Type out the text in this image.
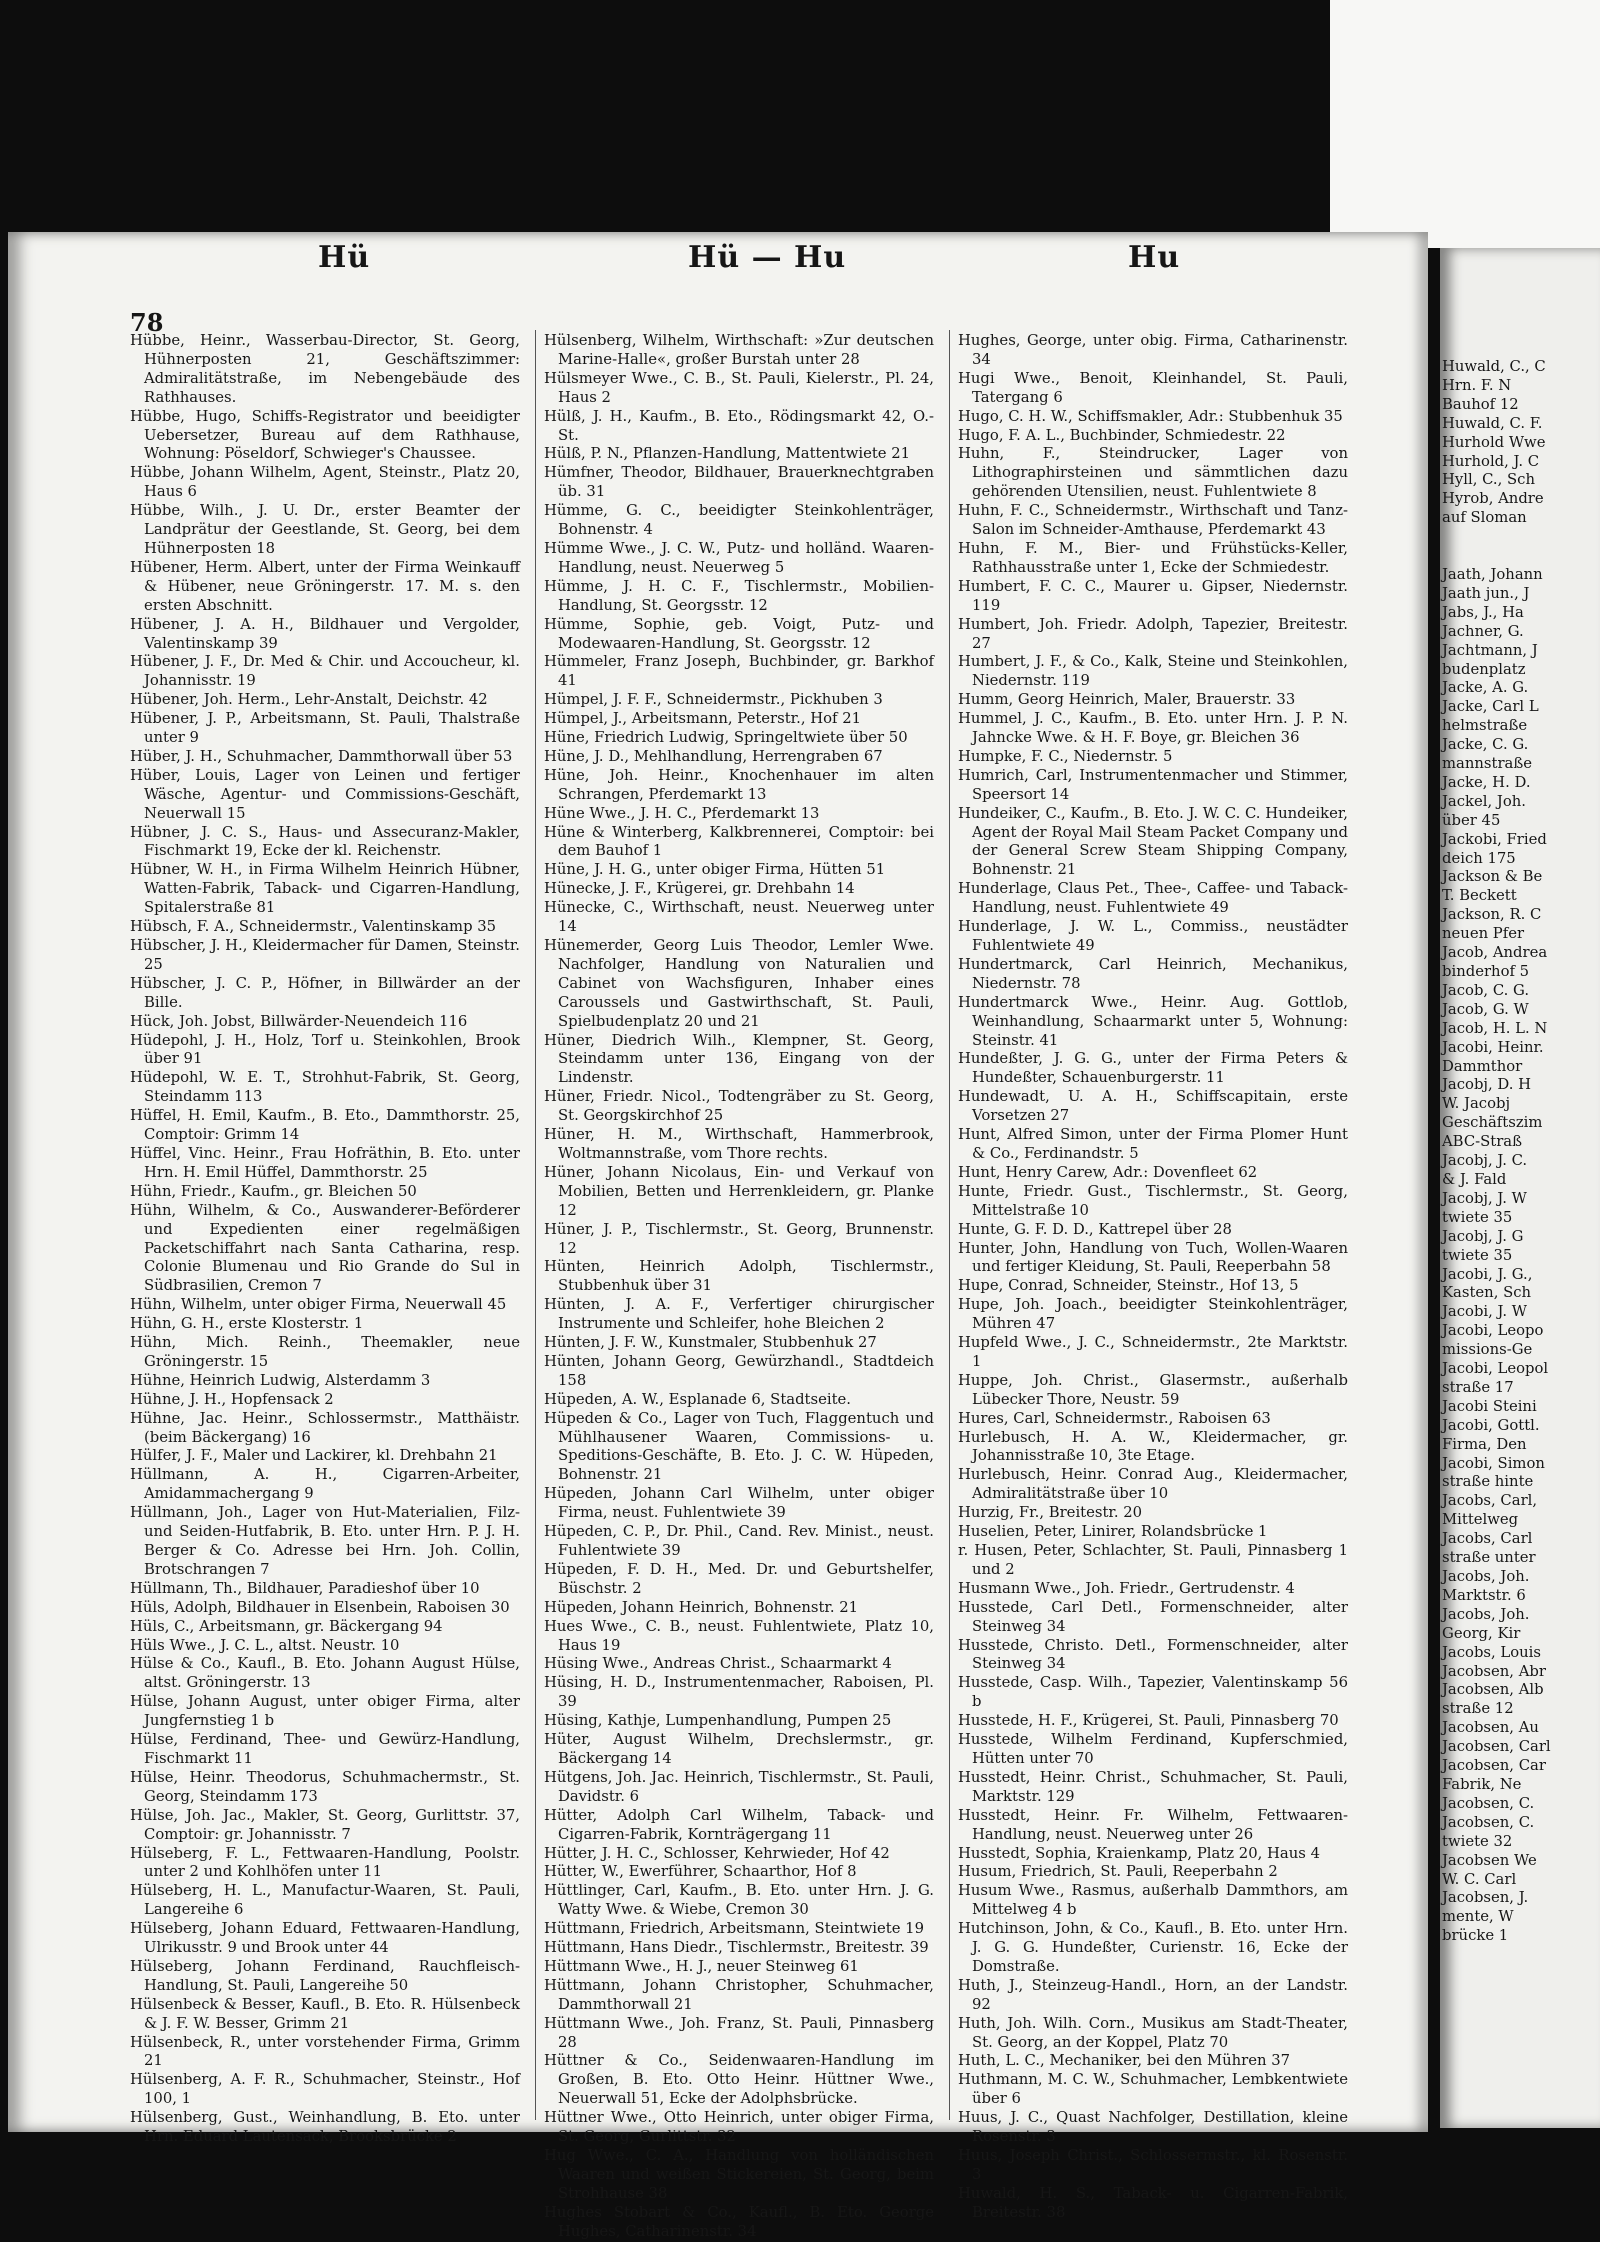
78
Hü	Hü — Hu	Hu

Hübbe, Heinr., Wasserbau-Director, St. Georg, Hühnerposten 21, Geschäftszimmer: Admiralitätstraße, im Nebengebäude des Rathhauses.

Hübbe, Hugo, Schiffs-Registrator und beeidigter Uebersetzer, Bureau auf dem Rathhause, Wohnung: Pöseldorf, Schwieger's Chaussee.

Hübbe, Johann Wilhelm, Agent, Steinstr., Platz 20, Haus 6

Hübbe, Wilh., J. U. Dr., erster Beamter der Landprätur der Geestlande, St. Georg, bei dem Hühnerposten 18

Hübener, Herm. Albert, unter der Firma Weinkauff & Hübener, neue Gröningerstr. 17. M. s. den ersten Abschnitt.

Hübener, J. A. H., Bildhauer und Vergolder, Valentinskamp 39

Hübener, J. F., Dr. Med & Chir. und Accoucheur, kl. Johannisstr. 19

Hübener, Joh. Herm., Lehr-Anstalt, Deichstr. 42

Hübener, J. P., Arbeitsmann, St. Pauli, Thalstraße unter 9

Hüber, J. H., Schuhmacher, Dammthorwall über 53

Hüber, Louis, Lager von Leinen und fertiger Wäsche, Agentur- und Commissions-Geschäft, Neuerwall 15

Hübner, J. C. S., Haus- und Assecuranz-Makler, Fischmarkt 19, Ecke der kl. Reichenstr.

Hübner, W. H., in Firma Wilhelm Heinrich Hübner, Watten-Fabrik, Taback- und Cigarren-Handlung, Spitalerstraße 81

Hübsch, F. A., Schneidermstr., Valentinskamp 35

Hübscher, J. H., Kleidermacher für Damen, Steinstr. 25

Hübscher, J. C. P., Höfner, in Billwärder an der Bille.

Hück, Joh. Jobst, Billwärder-Neuendeich 116

Hüdepohl, J. H., Holz, Torf u. Steinkohlen, Brook über 91

Hüdepohl, W. E. T., Strohhut-Fabrik, St. Georg, Steindamm 113

Hüffel, H. Emil, Kaufm., B. Eto., Dammthorstr. 25, Comptoir: Grimm 14

Hüffel, Vinc. Heinr., Frau Hofräthin, B. Eto. unter Hrn. H. Emil Hüffel, Dammthorstr. 25

Hühn, Friedr., Kaufm., gr. Bleichen 50

Hühn, Wilhelm, & Co., Auswanderer-Beförderer und Expedienten einer regelmäßigen Packetschiffahrt nach Santa Catharina, resp. Colonie Blumenau und Rio Grande do Sul in Südbrasilien, Cremon 7

Hühn, Wilhelm, unter obiger Firma, Neuerwall 45

Hühn, G. H., erste Klosterstr. 1

Hühn, Mich. Reinh., Theemakler, neue Gröningerstr. 15

Hühne, Heinrich Ludwig, Alsterdamm 3

Hühne, J. H., Hopfensack 2

Hühne, Jac. Heinr., Schlossermstr., Matthäistr. (beim Bäckergang) 16

Hülfer, J. F., Maler und Lackirer, kl. Drehbahn 21

Hüllmann, A. H., Cigarren-Arbeiter, Amidammachergang 9

Hüllmann, Joh., Lager von Hut-Materialien, Filz- und Seiden-Hutfabrik, B. Eto. unter Hrn. P. J. H. Berger & Co. Adresse bei Hrn. Joh. Collin, Brotschrangen 7

Hüllmann, Th., Bildhauer, Paradieshof über 10

Hüls, Adolph, Bildhauer in Elsenbein, Raboisen 30

Hüls, C., Arbeitsmann, gr. Bäckergang 94

Hüls Wwe., J. C. L., altst. Neustr. 10

Hülse & Co., Kaufl., B. Eto. Johann August Hülse, altst. Gröningerstr. 13

Hülse, Johann August, unter obiger Firma, alter Jungfernstieg 1 b

Hülse, Ferdinand, Thee- und Gewürz-Handlung, Fischmarkt 11

Hülse, Heinr. Theodorus, Schuhmachermstr., St. Georg, Steindamm 173

Hülse, Joh. Jac., Makler, St. Georg, Gurlittstr. 37, Comptoir: gr. Johannisstr. 7

Hülseberg, F. L., Fettwaaren-Handlung, Poolstr. unter 2 und Kohlhöfen unter 11

Hülseberg, H. L., Manufactur-Waaren, St. Pauli, Langereihe 6

Hülseberg, Johann Eduard, Fettwaaren-Handlung, Ulrikusstr. 9 und Brook unter 44

Hülseberg, Johann Ferdinand, Rauchfleisch-Handlung, St. Pauli, Langereihe 50

Hülsenbeck & Besser, Kaufl., B. Eto. R. Hülsenbeck & J. F. W. Besser, Grimm 21

Hülsenbeck, R., unter vorstehender Firma, Grimm 21

Hülsenberg, A. F. R., Schuhmacher, Steinstr., Hof 100, 1

Hülsenberg, Gust., Weinhandlung, B. Eto. unter Hrn. Eduard Lautensack, Brooksbrücke 2

Hülsenberg, Wilhelm, Wirthschaft: »Zur deutschen Marine-Halle«, großer Burstah unter 28

Hülsmeyer Wwe., C. B., St. Pauli, Kielerstr., Pl. 24, Haus 2

Hülß, J. H., Kaufm., B. Eto., Rödingsmarkt 42, O.-St.

Hülß, P. N., Pflanzen-Handlung, Mattentwiete 21

Hümfner, Theodor, Bildhauer, Brauerknechtgraben üb. 31

Hümme, G. C., beeidigter Steinkohlenträger, Bohnenstr. 4

Hümme Wwe., J. C. W., Putz- und holländ. Waaren-Handlung, neust. Neuerweg 5

Hümme, J. H. C. F., Tischlermstr., Mobilien-Handlung, St. Georgsstr. 12

Hümme, Sophie, geb. Voigt, Putz- und Modewaaren-Handlung, St. Georgsstr. 12

Hümmeler, Franz Joseph, Buchbinder, gr. Barkhof 41

Hümpel, J. F. F., Schneidermstr., Pickhuben 3

Hümpel, J., Arbeitsmann, Peterstr., Hof 21

Hüne, Friedrich Ludwig, Springeltwiete über 50

Hüne, J. D., Mehlhandlung, Herrengraben 67

Hüne, Joh. Heinr., Knochenhauer im alten Schrangen, Pferdemarkt 13

Hüne Wwe., J. H. C., Pferdemarkt 13

Hüne & Winterberg, Kalkbrennerei, Comptoir: bei dem Bauhof 1

Hüne, J. H. G., unter obiger Firma, Hütten 51

Hünecke, J. F., Krügerei, gr. Drehbahn 14

Hünecke, C., Wirthschaft, neust. Neuerweg unter 14

Hünemerder, Georg Luis Theodor, Lemler Wwe. Nachfolger, Handlung von Naturalien und Cabinet von Wachsfiguren, Inhaber eines Caroussels und Gastwirthschaft, St. Pauli, Spielbudenplatz 20 und 21

Hüner, Diedrich Wilh., Klempner, St. Georg, Steindamm unter 136, Eingang von der Lindenstr.

Hüner, Friedr. Nicol., Todtengräber zu St. Georg, St. Georgskirchhof 25

Hüner, H. M., Wirthschaft, Hammerbrook, Woltmannstraße, vom Thore rechts.

Hüner, Johann Nicolaus, Ein- und Verkauf von Mobilien, Betten und Herrenkleidern, gr. Planke 12

Hüner, J. P., Tischlermstr., St. Georg, Brunnenstr. 12

Hünten, Heinrich Adolph, Tischlermstr., Stubbenhuk über 31

Hünten, J. A. F., Verfertiger chirurgischer Instrumente und Schleifer, hohe Bleichen 2

Hünten, J. F. W., Kunstmaler, Stubbenhuk 27

Hünten, Johann Georg, Gewürzhandl., Stadtdeich 158

Hüpeden, A. W., Esplanade 6, Stadtseite.

Hüpeden & Co., Lager von Tuch, Flaggentuch und Mühlhausener Waaren, Commissions- u. Speditions-Geschäfte, B. Eto. J. C. W. Hüpeden, Bohnenstr. 21

Hüpeden, Johann Carl Wilhelm, unter obiger Firma, neust. Fuhlentwiete 39

Hüpeden, C. P., Dr. Phil., Cand. Rev. Minist., neust. Fuhlentwiete 39

Hüpeden, F. D. H., Med. Dr. und Geburtshelfer, Büschstr. 2

Hüpeden, Johann Heinrich, Bohnenstr. 21

Hues Wwe., C. B., neust. Fuhlentwiete, Platz 10, Haus 19

Hüsing Wwe., Andreas Christ., Schaarmarkt 4

Hüsing, H. D., Instrumentenmacher, Raboisen, Pl. 39

Hüsing, Kathje, Lumpenhandlung, Pumpen 25

Hüter, August Wilhelm, Drechslermstr., gr. Bäckergang 14

Hütgens, Joh. Jac. Heinrich, Tischlermstr., St. Pauli, Davidstr. 6

Hütter, Adolph Carl Wilhelm, Taback- und Cigarren-Fabrik, Kornträgergang 11

Hütter, J. H. C., Schlosser, Kehrwieder, Hof 42

Hütter, W., Ewerführer, Schaarthor, Hof 8

Hüttlinger, Carl, Kaufm., B. Eto. unter Hrn. J. G. Watty Wwe. & Wiebe, Cremon 30

Hüttmann, Friedrich, Arbeitsmann, Steintwiete 19

Hüttmann, Hans Diedr., Tischlermstr., Breitestr. 39

Hüttmann Wwe., H. J., neuer Steinweg 61

Hüttmann, Johann Christopher, Schuhmacher, Dammthorwall 21

Hüttmann Wwe., Joh. Franz, St. Pauli, Pinnasberg 28

Hüttner & Co., Seidenwaaren-Handlung im Großen, B. Eto. Otto Heinr. Hüttner Wwe., Neuerwall 51, Ecke der Adolphsbrücke.

Hüttner Wwe., Otto Heinrich, unter obiger Firma, St. Georg, Gurlittstr. 32

Hug Wwe., C. A., Handlung von holländischen Waaren und weißen Stickereien, St. Georg, beim Strohhause 38

Hughes Stobart & Co., Kaufl., B. Eto. George Hughes, Catharinenstr. 34

Hughes, George, unter obig. Firma, Catharinenstr. 34

Hugi Wwe., Benoit, Kleinhandel, St. Pauli, Tatergang 6

Hugo, C. H. W., Schiffsmakler, Adr.: Stubbenhuk 35

Hugo, F. A. L., Buchbinder, Schmiedestr. 22

Huhn, F., Steindrucker, Lager von Lithographirsteinen und sämmtlichen dazu gehörenden Utensilien, neust. Fuhlentwiete 8

Huhn, F. C., Schneidermstr., Wirthschaft und Tanz-Salon im Schneider-Amthause, Pferdemarkt 43

Huhn, F. M., Bier- und Frühstücks-Keller, Rathhausstraße unter 1, Ecke der Schmiedestr.

Humbert, F. C. C., Maurer u. Gipser, Niedernstr. 119

Humbert, Joh. Friedr. Adolph, Tapezier, Breitestr. 27

Humbert, J. F., & Co., Kalk, Steine und Steinkohlen, Niedernstr. 119

Humm, Georg Heinrich, Maler, Brauerstr. 33

Hummel, J. C., Kaufm., B. Eto. unter Hrn. J. P. N. Jahncke Wwe. & H. F. Boye, gr. Bleichen 36

Humpke, F. C., Niedernstr. 5

Humrich, Carl, Instrumentenmacher und Stimmer, Speersort 14

Hundeiker, C., Kaufm., B. Eto. J. W. C. C. Hundeiker, Agent der Royal Mail Steam Packet Company und der General Screw Steam Shipping Company, Bohnenstr. 21

Hunderlage, Claus Pet., Thee-, Caffee- und Taback-Handlung, neust. Fuhlentwiete 49

Hunderlage, J. W. L., Commiss., neustädter Fuhlentwiete 49

Hundertmarck, Carl Heinrich, Mechanikus, Niedernstr. 78

Hundertmarck Wwe., Heinr. Aug. Gottlob, Weinhandlung, Schaarmarkt unter 5, Wohnung: Steinstr. 41

Hundeßter, J. G. G., unter der Firma Peters & Hundeßter, Schauenburgerstr. 11

Hundewadt, U. A. H., Schiffscapitain, erste Vorsetzen 27

Hunt, Alfred Simon, unter der Firma Plomer Hunt & Co., Ferdinandstr. 5

Hunt, Henry Carew, Adr.: Dovenfleet 62

Hunte, Friedr. Gust., Tischlermstr., St. Georg, Mittelstraße 10

Hunte, G. F. D. D., Kattrepel über 28

Hunter, John, Handlung von Tuch, Wollen-Waaren und fertiger Kleidung, St. Pauli, Reeperbahn 58

Hupe, Conrad, Schneider, Steinstr., Hof 13, 5

Hupe, Joh. Joach., beeidigter Steinkohlenträger, Mühren 47

Hupfeld Wwe., J. C., Schneidermstr., 2te Marktstr. 1

Huppe, Joh. Christ., Glasermstr., außerhalb Lübecker Thore, Neustr. 59

Hures, Carl, Schneidermstr., Raboisen 63

Hurlebusch, H. A. W., Kleidermacher, gr. Johannisstraße 10, 3te Etage.

Hurlebusch, Heinr. Conrad Aug., Kleidermacher, Admiralitätstraße über 10

Hurzig, Fr., Breitestr. 20

Huselien, Peter, Linirer, Rolandsbrücke 1

r. Husen, Peter, Schlachter, St. Pauli, Pinnasberg 1 und 2

Husmann Wwe., Joh. Friedr., Gertrudenstr. 4

Husstede, Carl Detl., Formenschneider, alter Steinweg 34

Husstede, Christo. Detl., Formenschneider, alter Steinweg 34

Husstede, Casp. Wilh., Tapezier, Valentinskamp 56 b

Husstede, H. F., Krügerei, St. Pauli, Pinnasberg 70

Husstede, Wilhelm Ferdinand, Kupferschmied, Hütten unter 70

Husstedt, Heinr. Christ., Schuhmacher, St. Pauli, Marktstr. 129

Husstedt, Heinr. Fr. Wilhelm, Fettwaaren-Handlung, neust. Neuerweg unter 26

Husstedt, Sophia, Kraienkamp, Platz 20, Haus 4

Husum, Friedrich, St. Pauli, Reeperbahn 2

Husum Wwe., Rasmus, außerhalb Dammthors, am Mittelweg 4 b

Hutchinson, John, & Co., Kaufl., B. Eto. unter Hrn. J. G. G. Hundeßter, Curienstr. 16, Ecke der Domstraße.

Huth, J., Steinzeug-Handl., Horn, an der Landstr. 92

Huth, Joh. Wilh. Corn., Musikus am Stadt-Theater, St. Georg, an der Koppel, Platz 70

Huth, L. C., Mechaniker, bei den Mühren 37

Huthmann, M. C. W., Schuhmacher, Lembkentwiete über 6

Huus, J. C., Quast Nachfolger, Destillation, kleine Rosenstr. 3

Huus, Joseph Christ., Schlossermstr., kl. Rosenstr. 3

Huwald, H. S., Taback- u. Cigarren-Fabrik, Breitestr. 38

Huwald, C., C

Hrn. F. N

Bauhof 12

Huwald, C. F.

Hurhold Wwe

Hurhold, J. C

Hyll, C., Sch

Hyrob, Andre

auf Sloman

Jaath, Johann

Jaath jun., J

Jabs, J., Ha

Jachner, G.

Jachtmann, J

budenplatz

Jacke, A. G.

Jacke, Carl L

helmstraße

Jacke, C. G.

mannstraße

Jacke, H. D.

Jackel, Joh.

über 45

Jackobi, Fried

deich 175

Jackson & Be

T. Beckett

Jackson, R. C

neuen Pfer

Jacob, Andrea

binderhof 5

Jacob, C. G.

Jacob, G. W

Jacob, H. L. N

Jacobi, Heinr.

Dammthor

Jacobj, D. H

W. Jacobj

Geschäftszim

ABC-Straß

Jacobj, J. C.

& J. Fald

Jacobj, J. W

twiete 35

Jacobj, J. G

twiete 35

Jacobi, J. G.,

Kasten, Sch

Jacobi, J. W

Jacobi, Leopo

missions-Ge

Jacobi, Leopol

straße 17

Jacobi Steini

Jacobi, Gottl.

Firma, Den

Jacobi, Simon

straße hinte

Jacobs, Carl,

Mittelweg

Jacobs, Carl

straße unter

Jacobs, Joh.

Marktstr. 6

Jacobs, Joh.

Georg, Kir

Jacobs, Louis

Jacobsen, Abr

Jacobsen, Alb

straße 12

Jacobsen, Au

Jacobsen, Carl

Jacobsen, Car

Fabrik, Ne

Jacobsen, C.

Jacobsen, C.

twiete 32

Jacobsen We

W. C. Carl

Jacobsen, J.

mente, W

brücke 1
